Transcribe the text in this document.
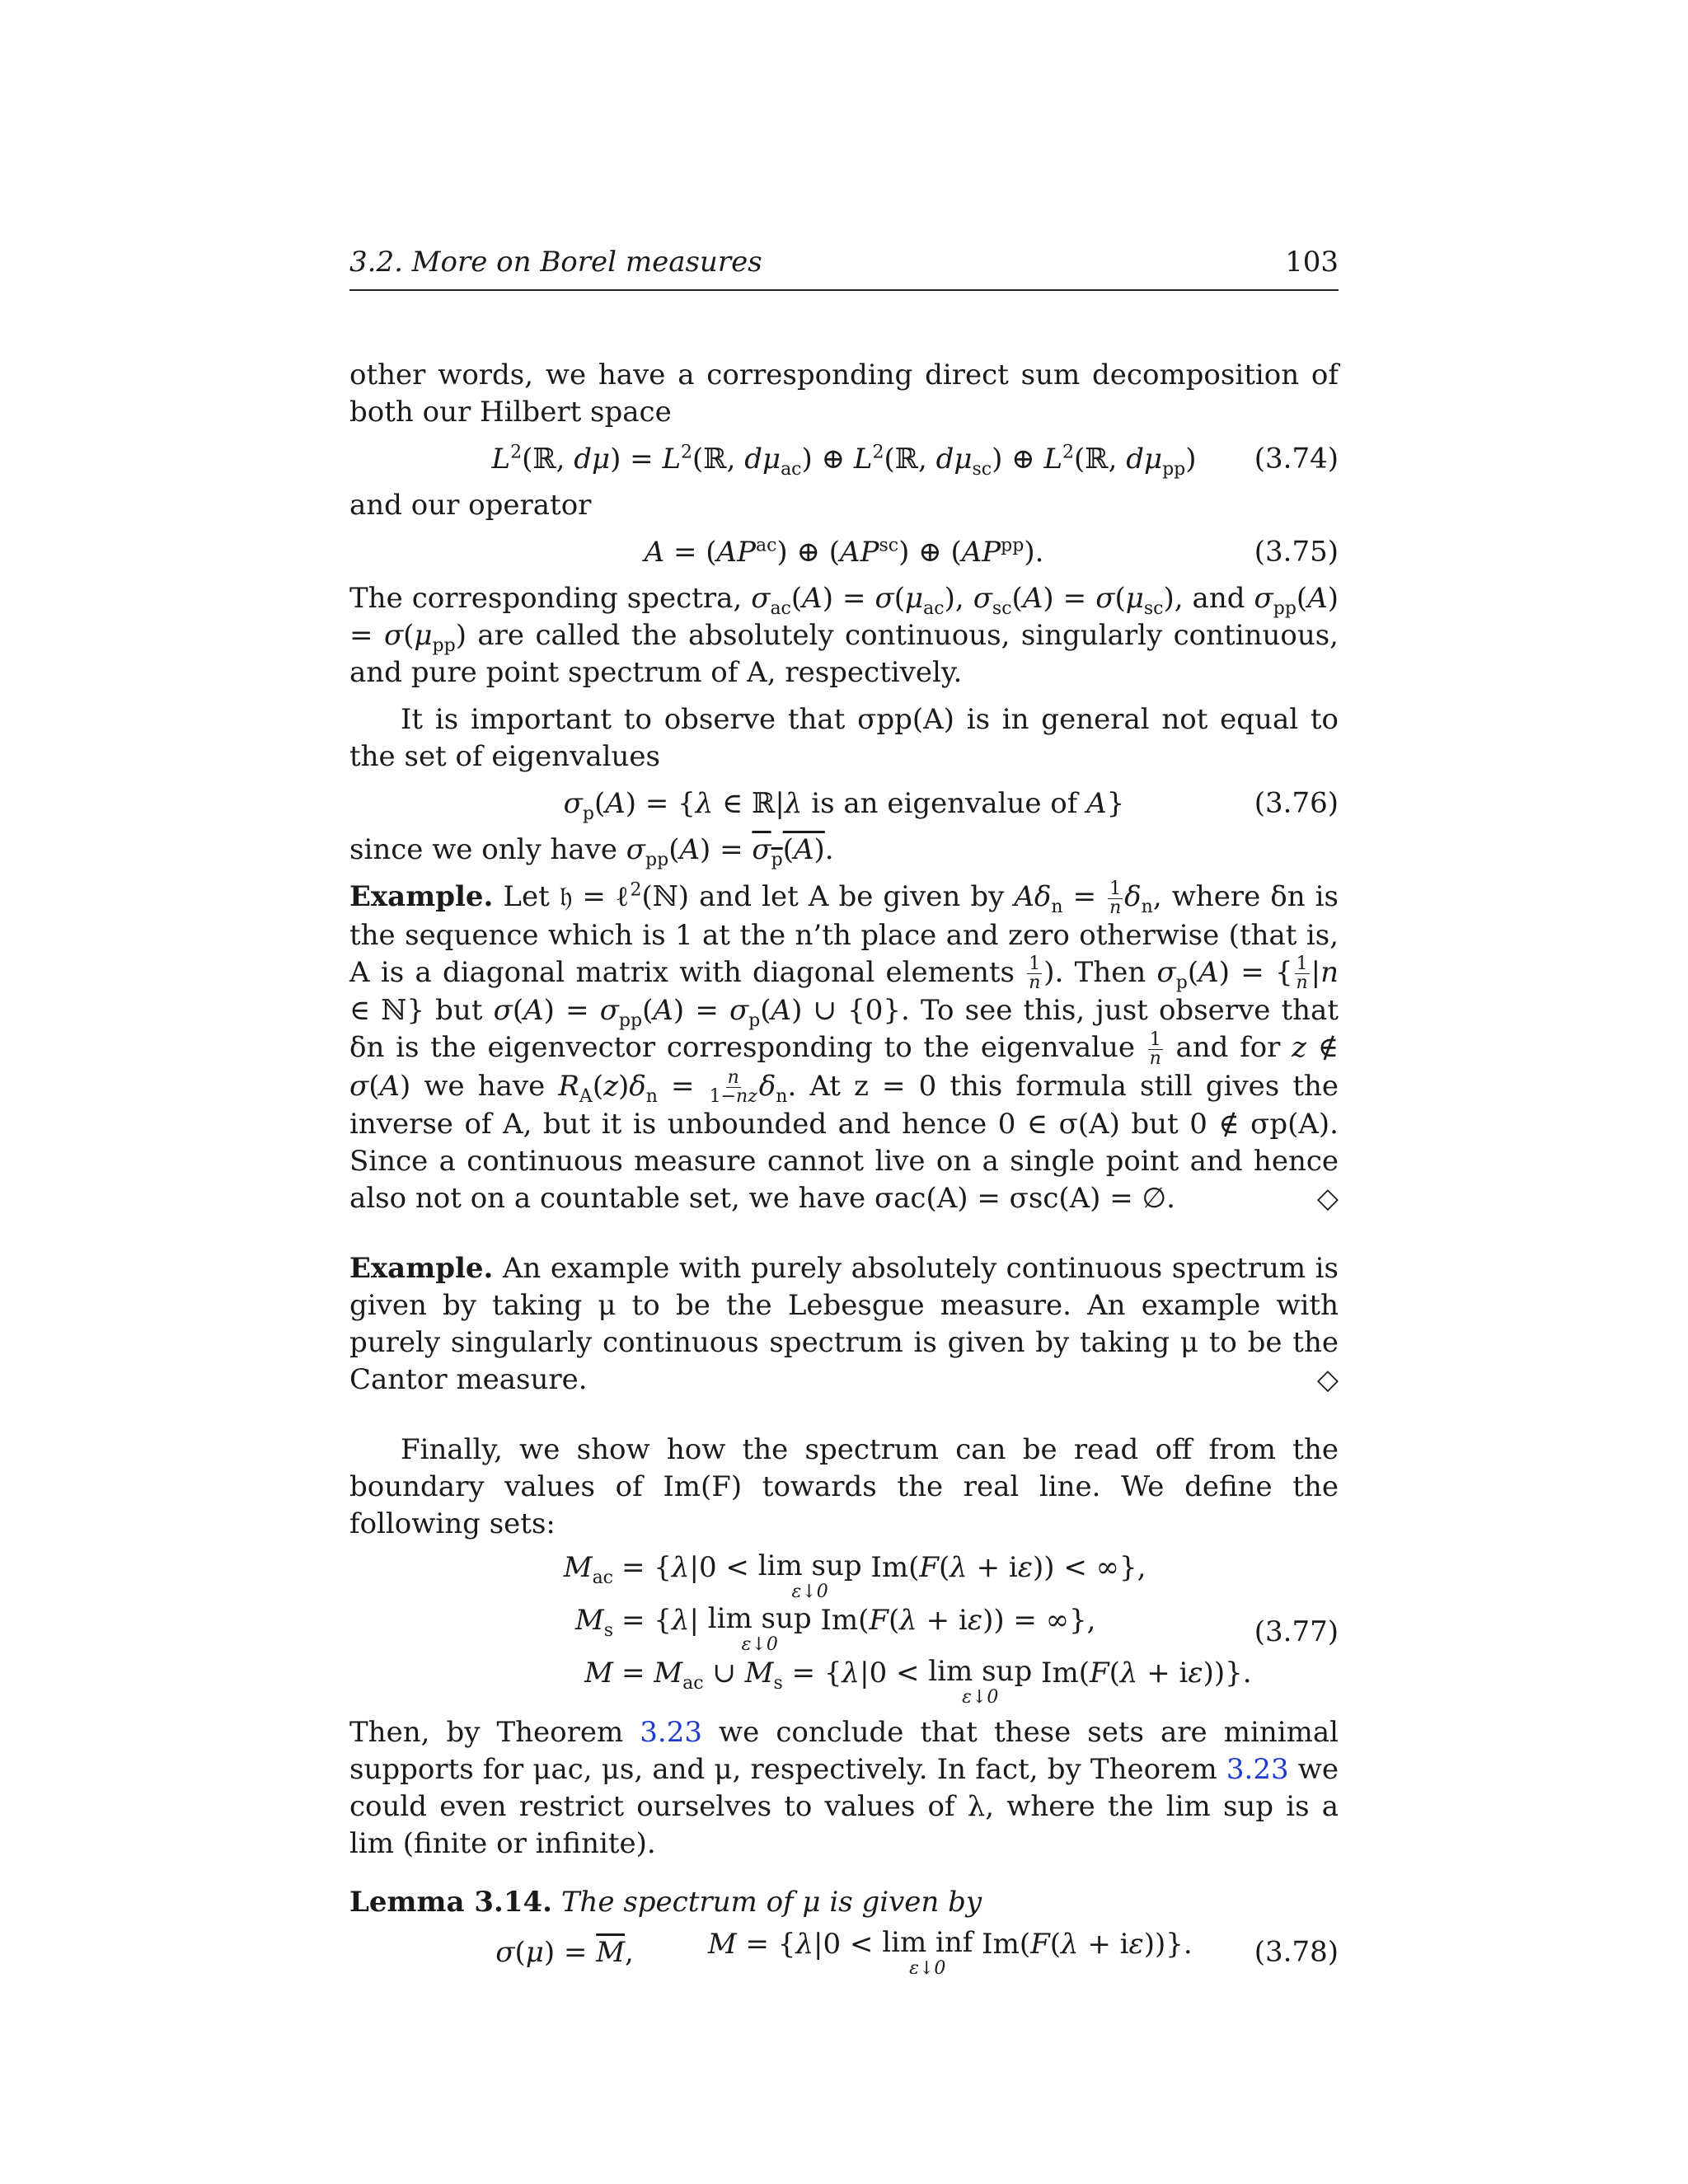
3.2. More on Borel measures	103

other words, we have a corresponding direct sum decomposition of both our Hilbert space

$L^2(ℝ$, $d\mu) = L^2(ℝ$, $d\mu_{ac}$) ⊕ $L^2(ℝ$, $d\mu_{sc}$) ⊕ $L^2(ℝ$, $d\mu_{pp}$) (3.74)

and our operator

$A = (AP^{ac})$ ⊕ $(AP^{sc})$ ⊕ $(AP^{pp})$.	(3.75)

The corresponding spectra, $\sigma_{ac}(A) = \sigma(\mu_{ac})$, $\sigma_{sc}(A) = \sigma(\mu_{sc})$, and $\sigma_{pp}(A) = \sigma(\mu_{pp})$ are called the absolutely continuous, singularly continuous, and pure point spectrum of A, respectively.

It is important to observe that σpp(A) is in general not equal to the set of eigenvalues

$\sigma_p(A) = \{\lambda$ ∈ ℝ|λ is an eigenvalue of A}	(3.76)

since we only have $\sigma_{pp}(A) = \sigma_p(A)$.

Example. Let 𝔥 = ℓ$^2$(ℕ) and let A be given by $A\delta_n = \frac{1}{n} \delta_n$, where δn is the sequence which is 1 at the n’th place and zero otherwise (that is, A is a diagonal matrix with diagonal elements $\frac{1}{n}$ ). Then $\sigma_p(A)$ = { $\frac{1}{n} |n$ ∈ ℕ} but $\sigma(A) = \sigma_{pp}(A) = \sigma_p(A)$ ∪ {0}. To see this, just observe that δn is the eigenvector corresponding to the eigenvalue $\frac{1}{n}$ and for z ∉ σ(A) we have $R_A(z)\delta_n = \frac{n}{1-nz} \delta_n$. At z = 0 this formula still gives the inverse of A, but it is unbounded and hence 0 ∈ σ(A) but 0 ∉ σp(A). Since a continuous measure cannot live on a single point and hence also not on a countable set, we have σac(A) = σsc(A) = ∅.	◇

Example. An example with purely absolutely continuous spectrum is given by taking μ to be the Lebesgue measure. An example with purely singularly continuous spectrum is given by taking μ to be the Cantor measure.	◇

Finally, we show how the spectrum can be read off from the boundary values of Im(F) towards the real line. We define the following sets:

$M_{ac} = \{\lambda|0 < \lim$ sup
ε↓0
Im(F(λ + iε)) < ∞},
$M_s = \{\lambda|$ lim sup
ε↓0
Im(F(λ + iε)) = ∞},
$M = M_{ac}$ ∪ $M_s = \{\lambda|0 < \lim$ sup
ε↓0
Im(F(λ + iε))}.
(3.77)

Then, by Theorem 3.23 we conclude that these sets are minimal supports for μac, μs, and μ, respectively. In fact, by Theorem 3.23 we could even restrict ourselves to values of λ, where the lim sup is a lim (finite or infinite).

Lemma 3.14. The spectrum of μ is given by

$\sigma(\mu) = \overline{M}$,	M = {λ|0 < lim inf
ε↓0
Im(F(λ + iε))}. (3.78)
